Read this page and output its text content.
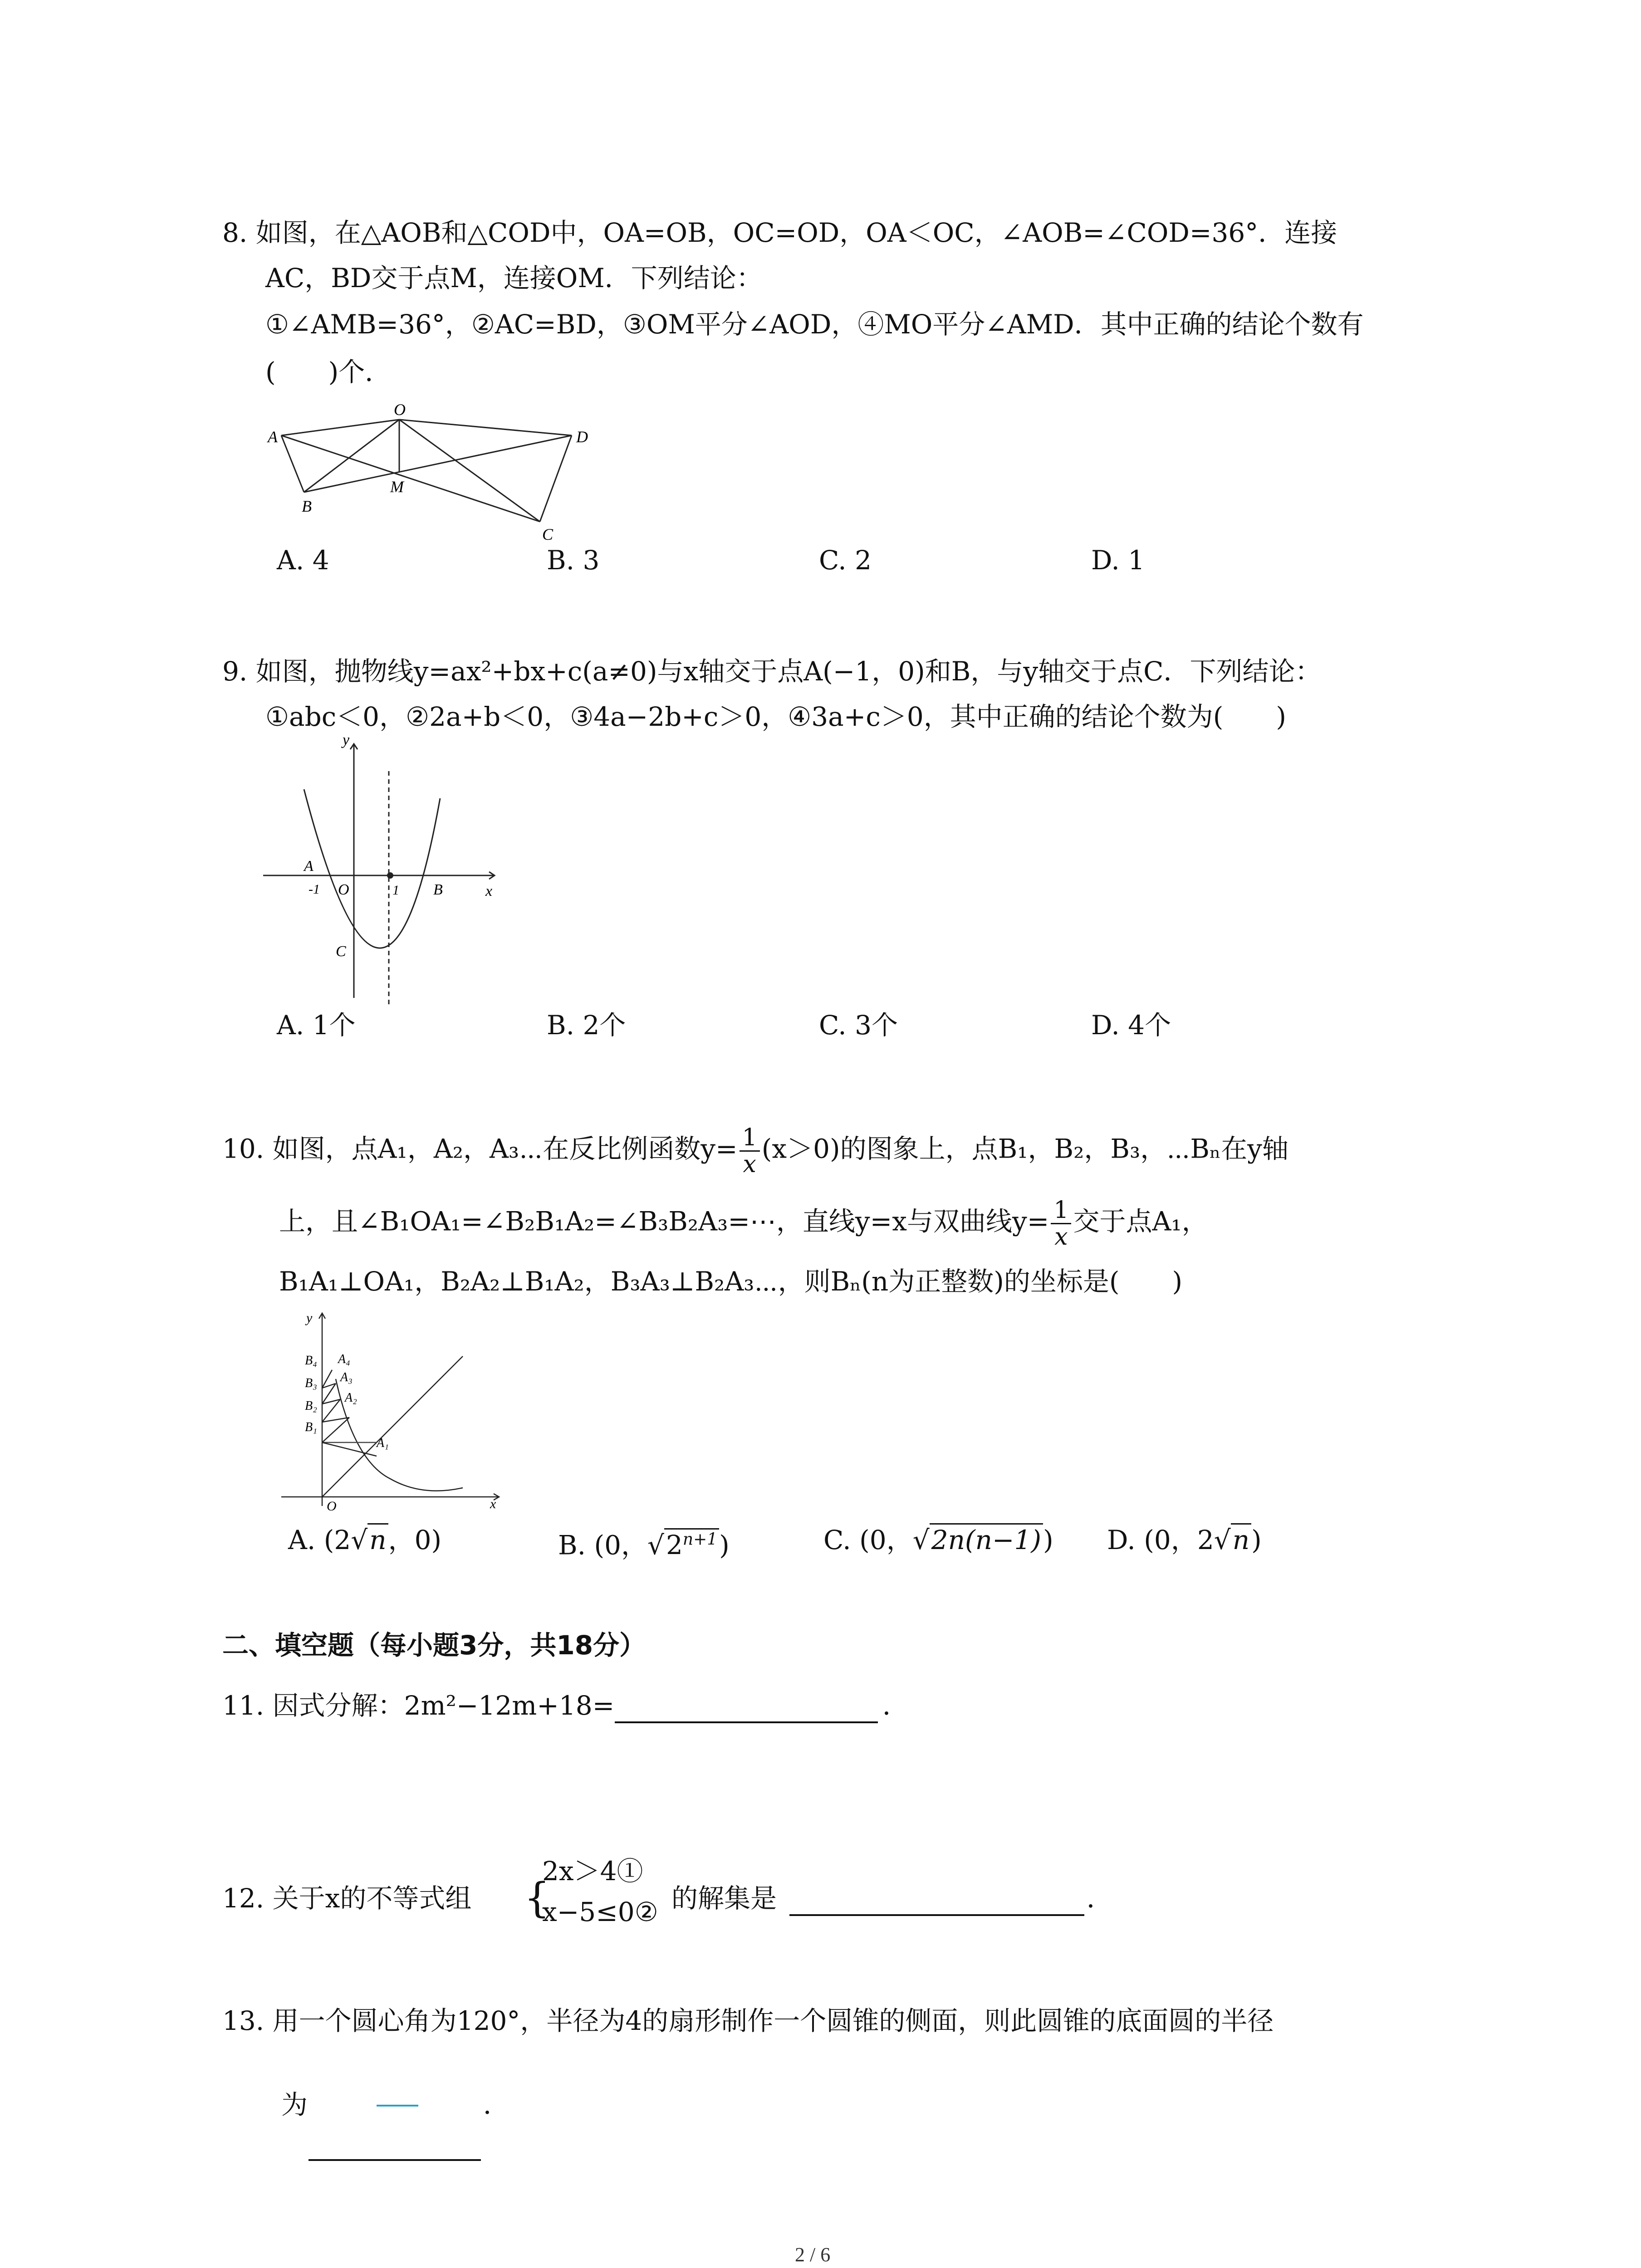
8. 如图，在△AOB和△COD中，OA=OB，OC=OD，OA＜OC，∠AOB=∠COD=36°．连接
AC，BD交于点M，连接OM．下列结论：
①∠AMB=36°，②AC=BD，③OM平分∠AOD，④MO平分∠AMD．其中正确的结论个数有
(　　)个．
A
O
D
B
M
C
A. 4	B. 3	C. 2	D. 1
9. 如图，抛物线y=ax²+bx+c(a≠0)与x轴交于点A(−1，0)和B，与y轴交于点C．下列结论：
①abc＜0，②2a+b＜0，③4a−2b+c＞0，④3a+c＞0，其中正确的结论个数为(　　)
y
x
A
-1 O	1 B
C
A. 1个	B. 2个	C. 3个	D. 4个
10. 如图，点A₁，A₂，A₃⋯在反比例函数$y= \frac{1}{x} (x>0)$的图象上，点B₁，B₂，B₃，⋯Bₙ在y轴
上，且∠B₁OA₁=∠B₂B₁A₂=∠B₃B₂A₃=⋯，直线y=x与双曲线$y= \frac{1}{x}$ 交于点A₁，
B₁A₁⊥OA₁，B₂A₂⊥B₁A₂，B₃A₃⊥B₂A₃⋯，则Bₙ(n为正整数)的坐标是(　　)
y
x
O
B₄
B₃
B₂
B₁
A₄
A₃
A₂
A₁
A. (2√n，0)	B. (0，$√2^{n+1}$)	C. (0，√2n(n−1)) D. (0，2√n)
二、填空题（每小题3分，共18分）
11. 因式分解：2m²−12m+18=	．
12. 关于x的不等式组 {
2x＞4①
x−5≤0② 的解集是	．
13. 用一个圆心角为120°，半径为4的扇形制作一个圆锥的侧面，则此圆锥的底面圆的半径
为	．
2 / 6
